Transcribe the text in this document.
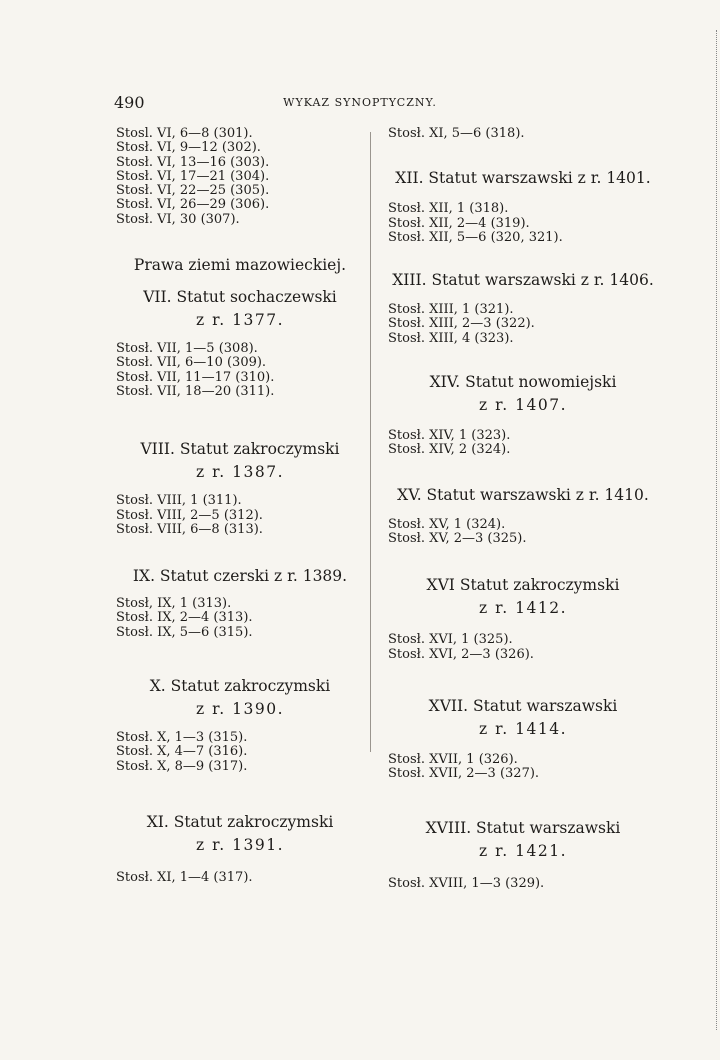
490	WYKAZ SYNOPTYCZNY.
Stosl. VI, 6—8 (301).
Stosł. VI, 9—12 (302).
Stosł. VI, 13—16 (303).
Stosł. VI, 17—21 (304).
Stosł. VI, 22—25 (305).
Stosł. VI, 26—29 (306).
Stosł. VI, 30 (307).
Prawa ziemi mazowieckiej.
VII. Statut sochaczewski
z r. 1377.
Stosł. VII, 1—5 (308).
Stosł. VII, 6—10 (309).
Stosł. VII, 11—17 (310).
Stosł. VII, 18—20 (311).
VIII. Statut zakroczymski
z r. 1387.
Stosł. VIII, 1 (311).
Stosł. VIII, 2—5 (312).
Stosł. VIII, 6—8 (313).
IX. Statut czerski z r. 1389.
Stosł, IX, 1 (313).
Stosł. IX, 2—4 (313).
Stosł. IX, 5—6 (315).
X. Statut zakroczymski
z r. 1390.
Stosł. X, 1—3 (315).
Stosł. X, 4—7 (316).
Stosł. X, 8—9 (317).
XI. Statut zakroczymski
z r. 1391.
Stosł. XI, 1—4 (317).
Stosł. XI, 5—6 (318).
XII. Statut warszawski z r. 1401.
Stosł. XII, 1 (318).
Stosł. XII, 2—4 (319).
Stosł. XII, 5—6 (320, 321).
XIII. Statut warszawski z r. 1406.
Stosł. XIII, 1 (321).
Stosł. XIII, 2—3 (322).
Stosł. XIII, 4 (323).
XIV. Statut nowomiejski
z r. 1407.
Stosł. XIV, 1 (323).
Stosł. XIV, 2 (324).
XV. Statut warszawski z r. 1410.
Stosł. XV, 1 (324).
Stosł. XV, 2—3 (325).
XVI Statut zakroczymski
z r. 1412.
Stosł. XVI, 1 (325).
Stosł. XVI, 2—3 (326).
XVII. Statut warszawski
z r. 1414.
Stosł. XVII, 1 (326).
Stosł. XVII, 2—3 (327).
XVIII. Statut warszawski
z r. 1421.
Stosł. XVIII, 1—3 (329).
